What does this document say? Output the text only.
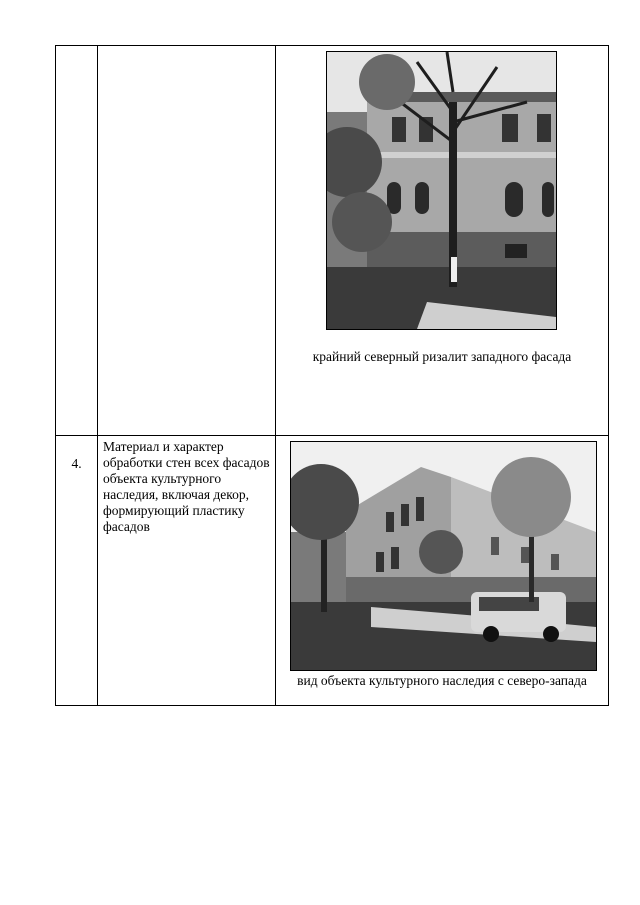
		крайний северный ризалит западного фасада

4.	Материал и характер обработки стен всех фасадов объекта культурного наследия, включая декор, формирующий пластику фасадов	вид объекта культурного наследия с северо-запада
